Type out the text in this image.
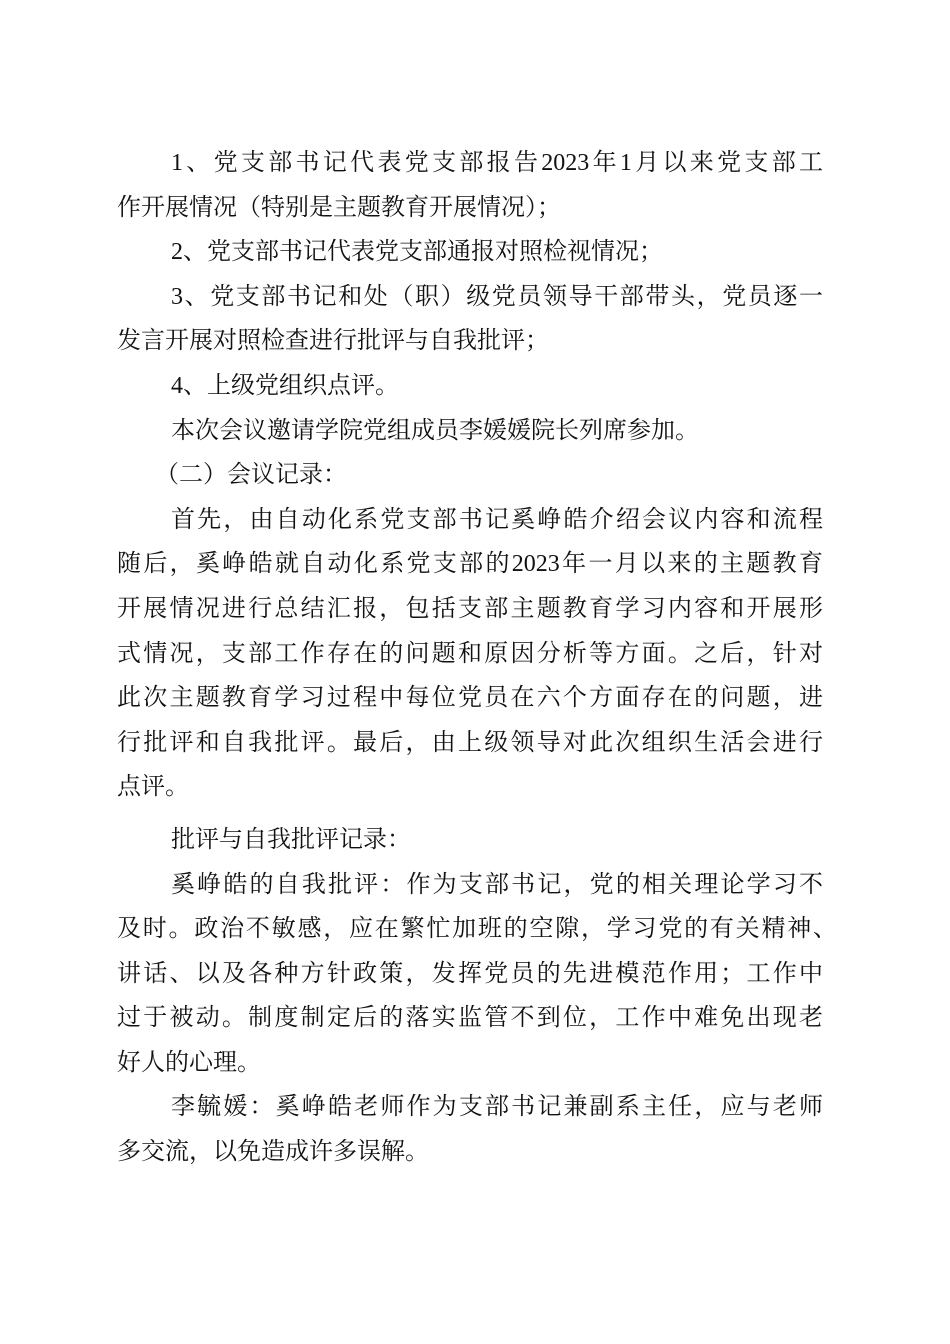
1、党支部书记代表党支部报告2023年1月以来党支部工
作开展情况（特别是主题教育开展情况）；
2、党支部书记代表党支部通报对照检视情况；
3、党支部书记和处（职）级党员领导干部带头，党员逐一
发言开展对照检查进行批评与自我批评；
4、上级党组织点评。
本次会议邀请学院党组成员李媛媛院长列席参加。
（二）会议记录：
首先，由自动化系党支部书记奚峥皓介绍会议内容和流程
随后，奚峥皓就自动化系党支部的2023年一月以来的主题教育
开展情况进行总结汇报，包括支部主题教育学习内容和开展形
式情况，支部工作存在的问题和原因分析等方面。之后，针对
此次主题教育学习过程中每位党员在六个方面存在的问题，进
行批评和自我批评。最后，由上级领导对此次组织生活会进行
点评。
批评与自我批评记录：
奚峥皓的自我批评：作为支部书记，党的相关理论学习不
及时。政治不敏感，应在繁忙加班的空隙，学习党的有关精神、
讲话、以及各种方针政策，发挥党员的先进模范作用；工作中
过于被动。制度制定后的落实监管不到位，工作中难免出现老
好人的心理。
李毓媛：奚峥皓老师作为支部书记兼副系主任，应与老师
多交流，以免造成许多误解。
